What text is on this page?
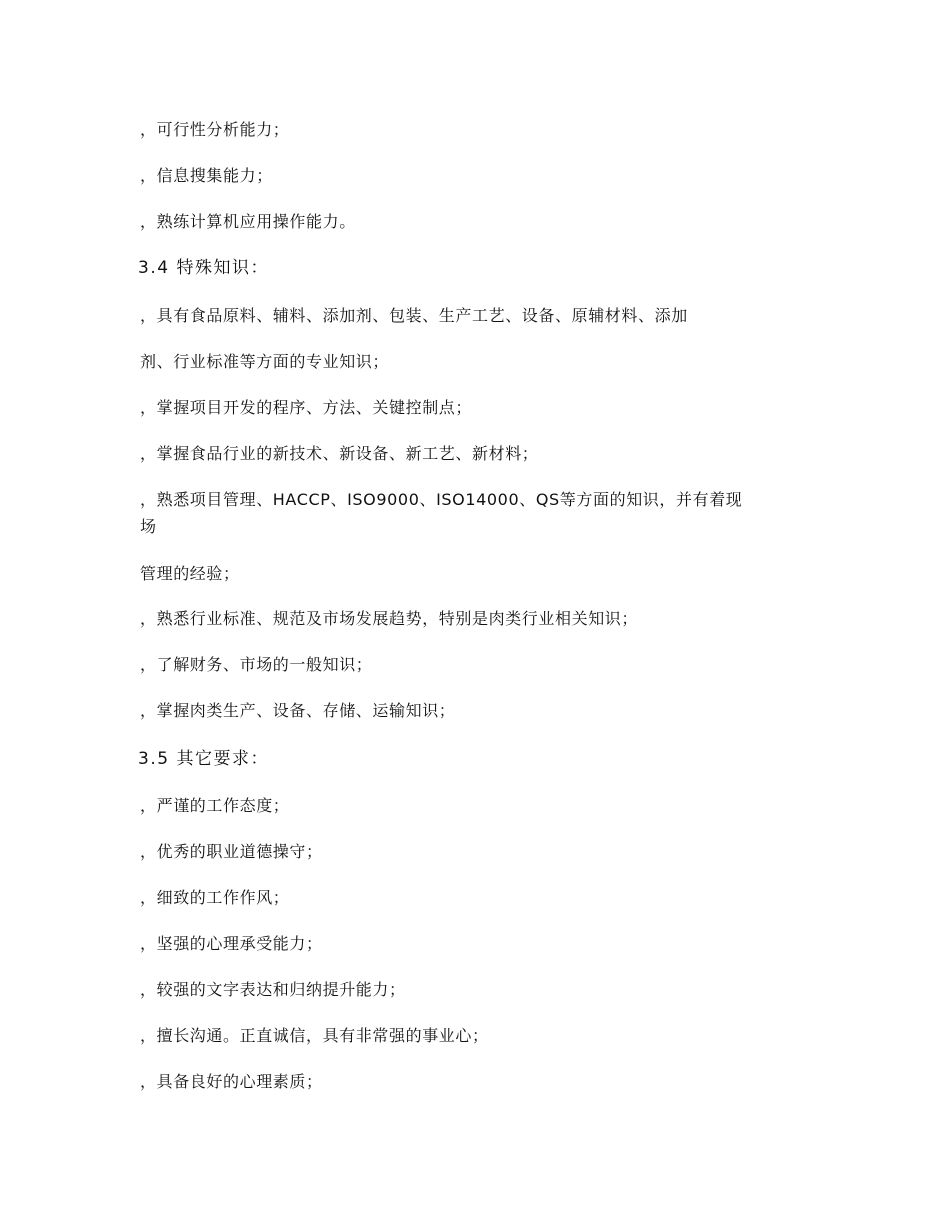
，可行性分析能力；
，信息搜集能力；
，熟练计算机应用操作能力。
3.4 特殊知识：
，具有食品原料、辅料、添加剂、包装、生产工艺、设备、原辅材料、添加
剂、行业标准等方面的专业知识；
，掌握项目开发的程序、方法、关键控制点；
，掌握食品行业的新技术、新设备、新工艺、新材料；
，熟悉项目管理、HACCP、ISO9000、ISO14000、QS等方面的知识，并有着现
场
管理的经验；
，熟悉行业标准、规范及市场发展趋势，特别是肉类行业相关知识；
，了解财务、市场的一般知识；
，掌握肉类生产、设备、存储、运输知识；
3.5 其它要求：
，严谨的工作态度；
，优秀的职业道德操守；
，细致的工作作风；
，坚强的心理承受能力；
，较强的文字表达和归纳提升能力；
，擅长沟通。正直诚信，具有非常强的事业心；
，具备良好的心理素质；
